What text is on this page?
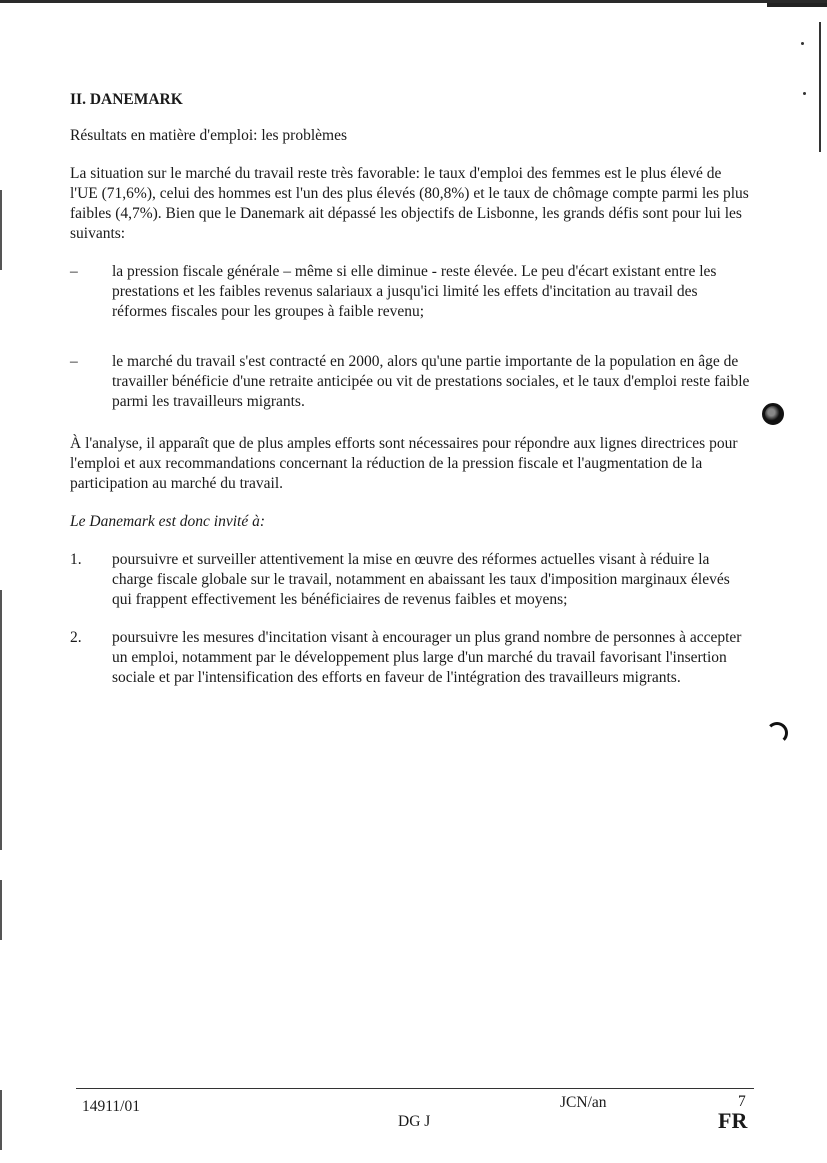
II. DANEMARK
Résultats en matière d'emploi: les problèmes
La situation sur le marché du travail reste très favorable: le taux d'emploi des femmes est le plus élevé de l'UE (71,6%), celui des hommes est l'un des plus élevés (80,8%) et le taux de chômage compte parmi les plus faibles (4,7%). Bien que le Danemark ait dépassé les objectifs de Lisbonne, les grands défis sont pour lui les suivants:
–	la pression fiscale générale – même si elle diminue - reste élevée. Le peu d'écart existant entre les prestations et les faibles revenus salariaux a jusqu'ici limité les effets d'incitation au travail des réformes fiscales pour les groupes à faible revenu;
–	le marché du travail s'est contracté en 2000, alors qu'une partie importante de la population en âge de travailler bénéficie d'une retraite anticipée ou vit de prestations sociales, et le taux d'emploi reste faible parmi les travailleurs migrants.
À l'analyse, il apparaît que de plus amples efforts sont nécessaires pour répondre aux lignes directrices pour l'emploi et aux recommandations concernant la réduction de la pression fiscale et l'augmentation de la participation au marché du travail.
Le Danemark est donc invité à:
1.	poursuivre et surveiller attentivement la mise en œuvre des réformes actuelles visant à réduire la charge fiscale globale sur le travail, notamment en abaissant les taux d'imposition marginaux élevés qui frappent effectivement les bénéficiaires de revenus faibles et moyens;
2.	poursuivre les mesures d'incitation visant à encourager un plus grand nombre de personnes à accepter un emploi, notamment par le développement plus large d'un marché du travail favorisant l'insertion sociale et par l'intensification des efforts en faveur de l'intégration des travailleurs migrants.
14911/01
DG J
JCN/an	7
FR
